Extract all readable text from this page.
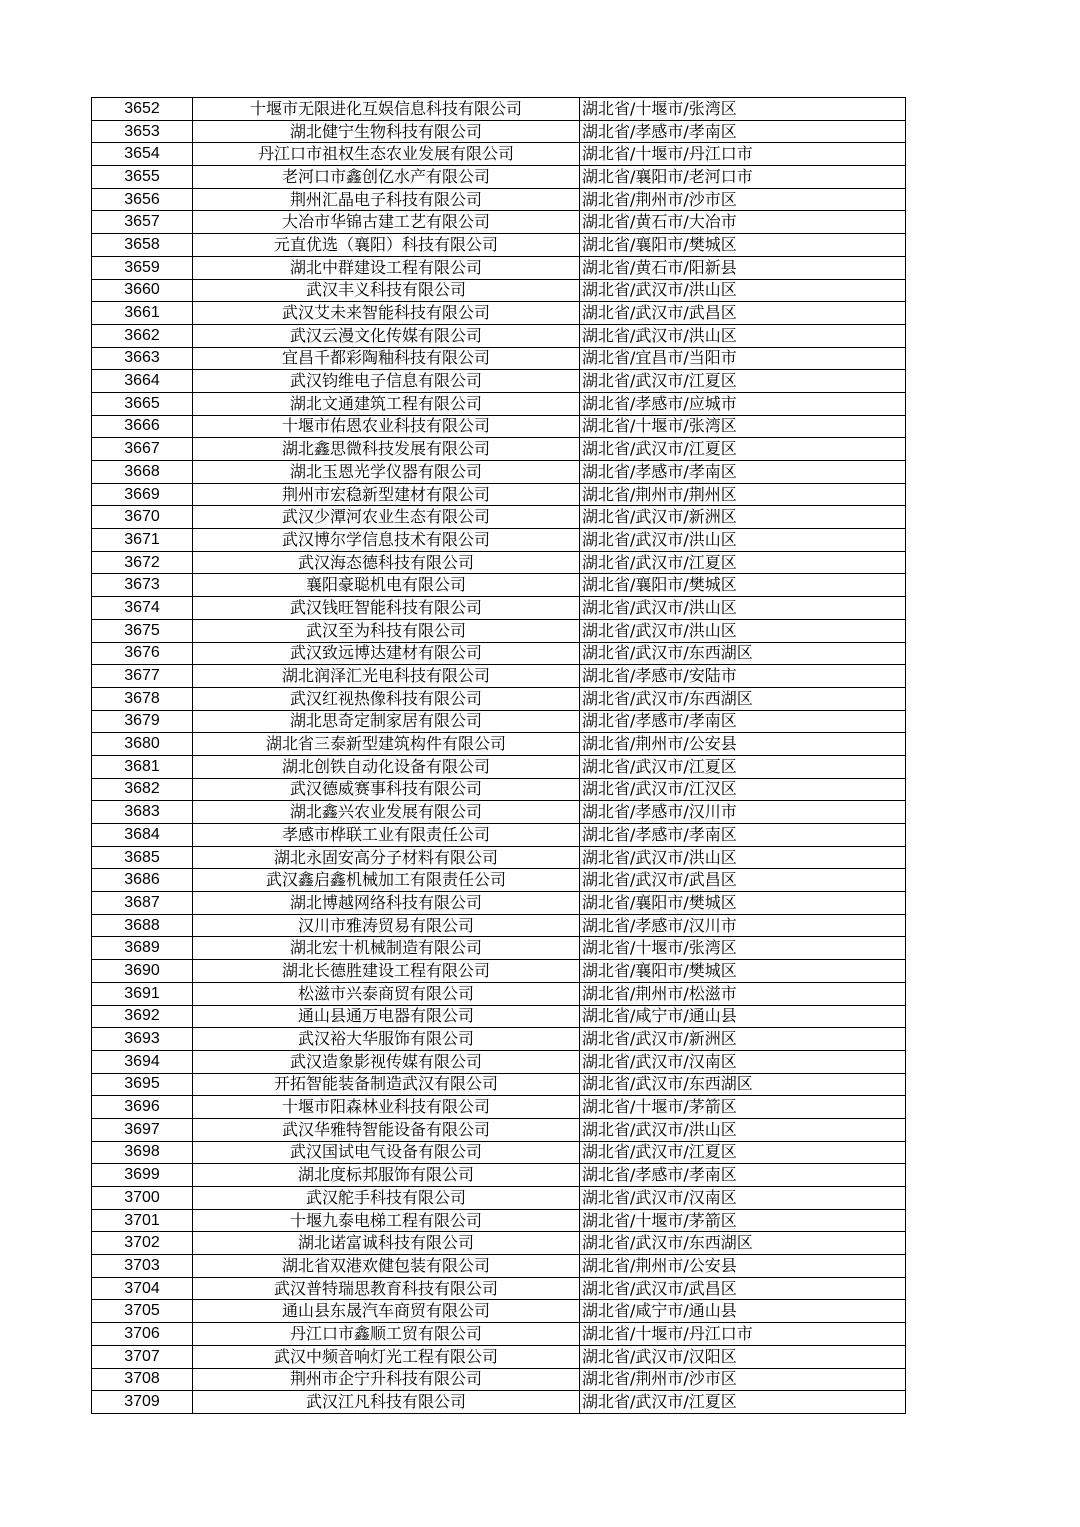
3652	十堰市无限进化互娱信息科技有限公司	湖北省/十堰市/张湾区
3653	湖北健宁生物科技有限公司	湖北省/孝感市/孝南区
3654	丹江口市祖权生态农业发展有限公司	湖北省/十堰市/丹江口市
3655	老河口市鑫创亿水产有限公司	湖北省/襄阳市/老河口市
3656	荆州汇晶电子科技有限公司	湖北省/荆州市/沙市区
3657	大冶市华锦古建工艺有限公司	湖北省/黄石市/大冶市
3658	元直优选（襄阳）科技有限公司	湖北省/襄阳市/樊城区
3659	湖北中群建设工程有限公司	湖北省/黄石市/阳新县
3660	武汉丰义科技有限公司	湖北省/武汉市/洪山区
3661	武汉艾未来智能科技有限公司	湖北省/武汉市/武昌区
3662	武汉云漫文化传媒有限公司	湖北省/武汉市/洪山区
3663	宜昌千都彩陶釉科技有限公司	湖北省/宜昌市/当阳市
3664	武汉钧维电子信息有限公司	湖北省/武汉市/江夏区
3665	湖北文通建筑工程有限公司	湖北省/孝感市/应城市
3666	十堰市佑恩农业科技有限公司	湖北省/十堰市/张湾区
3667	湖北鑫思微科技发展有限公司	湖北省/武汉市/江夏区
3668	湖北玉恩光学仪器有限公司	湖北省/孝感市/孝南区
3669	荆州市宏稳新型建材有限公司	湖北省/荆州市/荆州区
3670	武汉少潭河农业生态有限公司	湖北省/武汉市/新洲区
3671	武汉博尔学信息技术有限公司	湖北省/武汉市/洪山区
3672	武汉海态德科技有限公司	湖北省/武汉市/江夏区
3673	襄阳豪聪机电有限公司	湖北省/襄阳市/樊城区
3674	武汉钱旺智能科技有限公司	湖北省/武汉市/洪山区
3675	武汉至为科技有限公司	湖北省/武汉市/洪山区
3676	武汉致远博达建材有限公司	湖北省/武汉市/东西湖区
3677	湖北润泽汇光电科技有限公司	湖北省/孝感市/安陆市
3678	武汉红视热像科技有限公司	湖北省/武汉市/东西湖区
3679	湖北思奇定制家居有限公司	湖北省/孝感市/孝南区
3680	湖北省三泰新型建筑构件有限公司	湖北省/荆州市/公安县
3681	湖北创铁自动化设备有限公司	湖北省/武汉市/江夏区
3682	武汉德威赛事科技有限公司	湖北省/武汉市/江汉区
3683	湖北鑫兴农业发展有限公司	湖北省/孝感市/汉川市
3684	孝感市桦联工业有限责任公司	湖北省/孝感市/孝南区
3685	湖北永固安高分子材料有限公司	湖北省/武汉市/洪山区
3686	武汉鑫启鑫机械加工有限责任公司	湖北省/武汉市/武昌区
3687	湖北博越网络科技有限公司	湖北省/襄阳市/樊城区
3688	汉川市雅涛贸易有限公司	湖北省/孝感市/汉川市
3689	湖北宏十机械制造有限公司	湖北省/十堰市/张湾区
3690	湖北长德胜建设工程有限公司	湖北省/襄阳市/樊城区
3691	松滋市兴泰商贸有限公司	湖北省/荆州市/松滋市
3692	通山县通万电器有限公司	湖北省/咸宁市/通山县
3693	武汉裕大华服饰有限公司	湖北省/武汉市/新洲区
3694	武汉造象影视传媒有限公司	湖北省/武汉市/汉南区
3695	开拓智能装备制造武汉有限公司	湖北省/武汉市/东西湖区
3696	十堰市阳森林业科技有限公司	湖北省/十堰市/茅箭区
3697	武汉华雅特智能设备有限公司	湖北省/武汉市/洪山区
3698	武汉国试电气设备有限公司	湖北省/武汉市/江夏区
3699	湖北度标邦服饰有限公司	湖北省/孝感市/孝南区
3700	武汉舵手科技有限公司	湖北省/武汉市/汉南区
3701	十堰九泰电梯工程有限公司	湖北省/十堰市/茅箭区
3702	湖北诺富诚科技有限公司	湖北省/武汉市/东西湖区
3703	湖北省双港欢健包装有限公司	湖北省/荆州市/公安县
3704	武汉普特瑞思教育科技有限公司	湖北省/武汉市/武昌区
3705	通山县东晟汽车商贸有限公司	湖北省/咸宁市/通山县
3706	丹江口市鑫顺工贸有限公司	湖北省/十堰市/丹江口市
3707	武汉中频音响灯光工程有限公司	湖北省/武汉市/汉阳区
3708	荆州市企宁升科技有限公司	湖北省/荆州市/沙市区
3709	武汉江凡科技有限公司	湖北省/武汉市/江夏区
